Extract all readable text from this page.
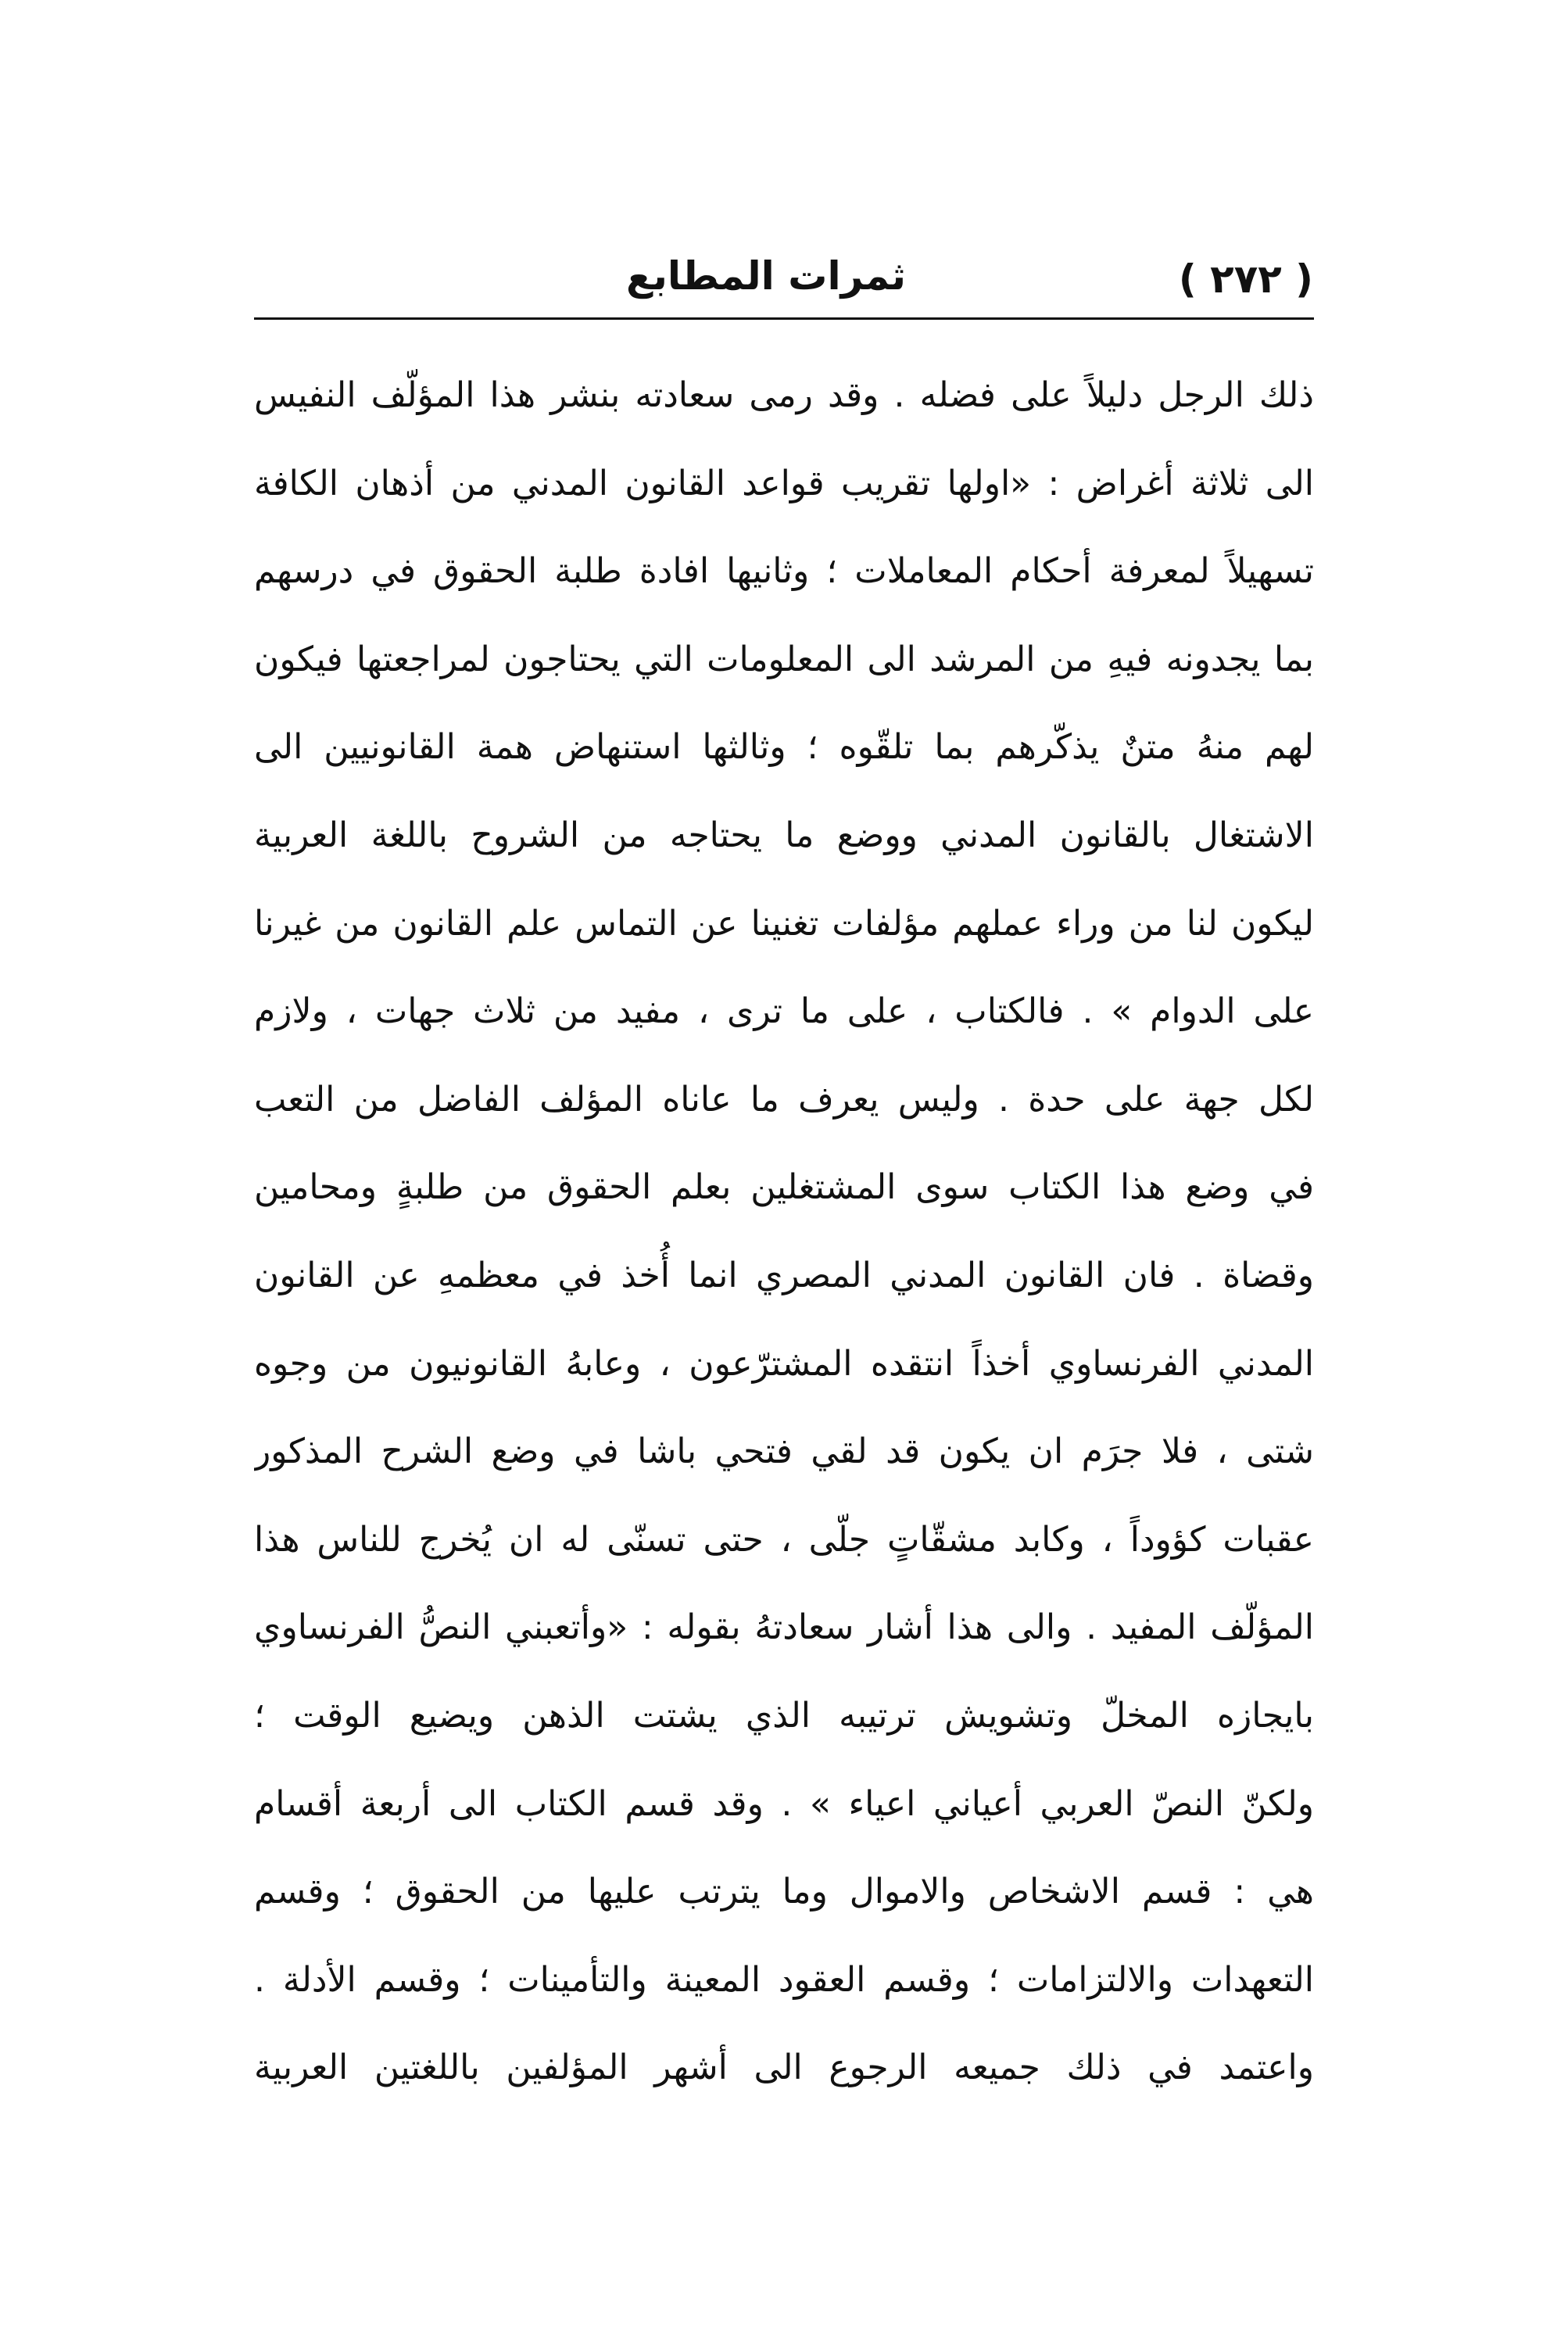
( ٢٧٢ )
ثمرات المطابع
ذلك الرجل دليلاً على فضله . وقد رمى سعادته بنشر هذا المؤلّف النفيس
الى ثلاثة أغراض : «اولها تقريب قواعد القانون المدني من أذهان الكافة
تسهيلاً لمعرفة أحكام المعاملات ؛ وثانيها افادة طلبة الحقوق في درسهم
بما يجدونه فيهِ من المرشد الى المعلومات التي يحتاجون لمراجعتها فيكون
لهم منهُ متنٌ يذكّرهم بما تلقّوه ؛ وثالثها استنهاض همة القانونيين الى
الاشتغال بالقانون المدني ووضع ما يحتاجه من الشروح باللغة العربية
ليكون لنا من وراء عملهم مؤلفات تغنينا عن التماس علم القانون من غيرنا
على الدوام » . فالكتاب ، على ما ترى ، مفيد من ثلاث جهات ، ولازم
لكل جهة على حدة . وليس يعرف ما عاناه المؤلف الفاضل من التعب
في وضع هذا الكتاب سوى المشتغلين بعلم الحقوق من طلبةٍ ومحامين
وقضاة . فان القانون المدني المصري انما أُخذ في معظمهِ عن القانون
المدني الفرنساوي أخذاً انتقده المشترّعون ، وعابهُ القانونيون من وجوه
شتى ، فلا جرَم ان يكون قد لقي فتحي باشا في وضع الشرح المذكور
عقبات كؤوداً ، وكابد مشقّاتٍ جلّى ، حتى تسنّى له ان يُخرج للناس هذا
المؤلّف المفيد . والى هذا أشار سعادتهُ بقوله : «وأتعبني النصُّ الفرنساوي
بايجازه المخلّ وتشويش ترتيبه الذي يشتت الذهن ويضيع الوقت ؛
ولكنّ النصّ العربي أعياني اعياء » . وقد قسم الكتاب الى أربعة أقسام
هي : قسم الاشخاص والاموال وما يترتب عليها من الحقوق ؛ وقسم
التعهدات والالتزامات ؛ وقسم العقود المعينة والتأمينات ؛ وقسم الأدلة .
واعتمد في ذلك جميعه الرجوع الى أشهر المؤلفين باللغتين العربية
